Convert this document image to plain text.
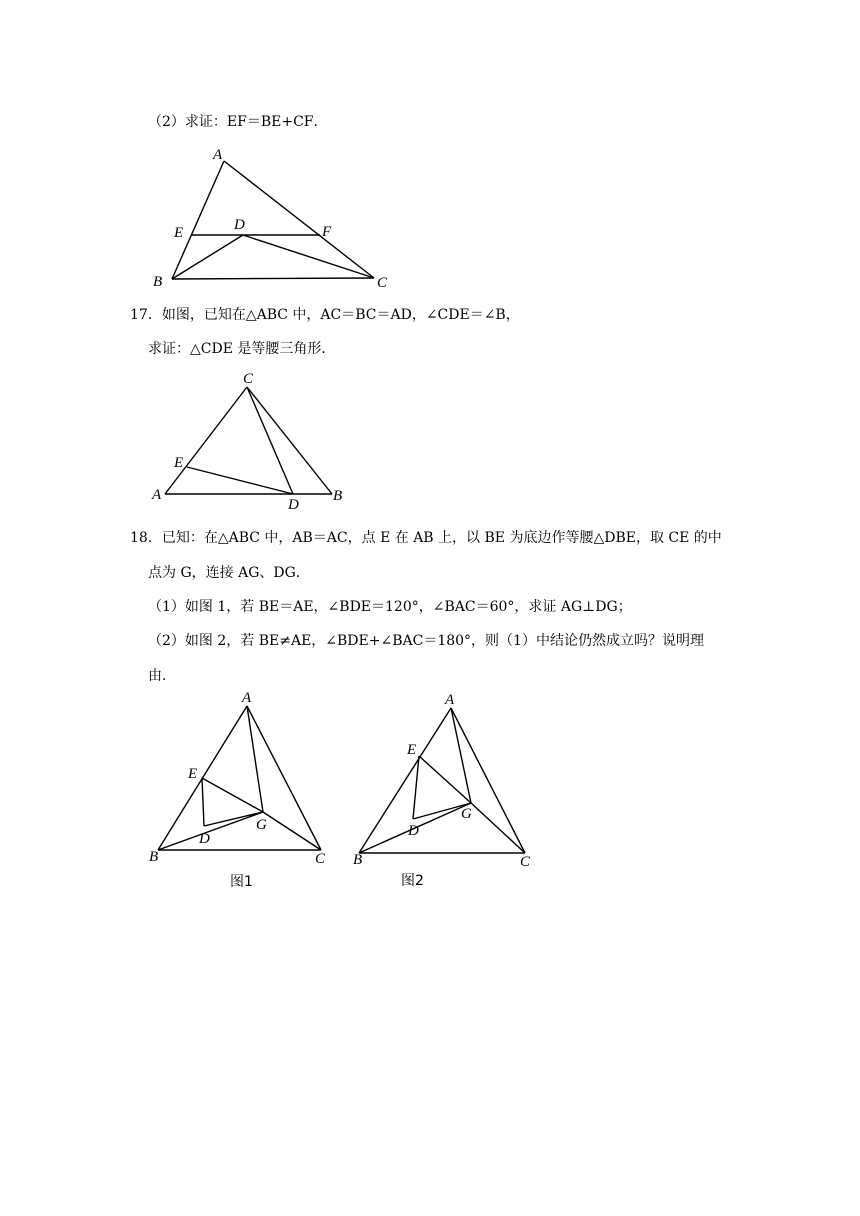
（2）求证：EF＝BE+CF．
A
E	D	F
B	C
17．如图，已知在△ABC 中，AC＝BC＝AD，∠CDE＝∠B，
求证：△CDE 是等腰三角形．
C
E
A
D
B
18．已知：在△ABC 中，AB＝AC，点 E 在 AB 上，以 BE 为底边作等腰△DBE，取 CE 的中
点为 G，连接 AG、DG．
（1）如图 1，若 BE＝AE，∠BDE＝120°，∠BAC＝60°，求证 AG⊥DG；
（2）如图 2，若 BE≠AE，∠BDE+∠BAC＝180°，则（1）中结论仍然成立吗？说明理
由．
A
E
G
D
B	C
图1
A
E
G
D
B	C
图2
